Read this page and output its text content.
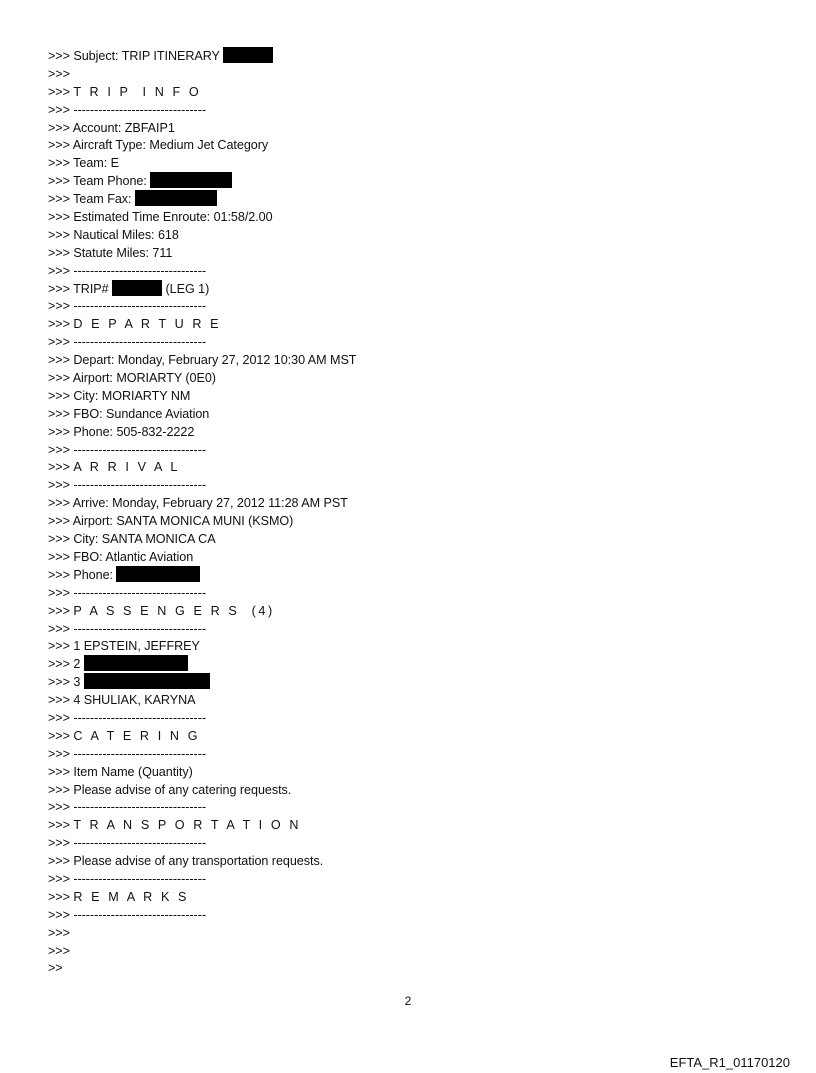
>>> Subject: TRIP ITINERARY
>>>
>>> T R I P  I N F O
>>> --------------------------------
>>> Account: ZBFAIP1
>>> Aircraft Type: Medium Jet Category
>>> Team: E
>>> Team Phone:
>>> Team Fax:
>>> Estimated Time Enroute: 01:58/2.00
>>> Nautical Miles: 618
>>> Statute Miles: 711
>>> --------------------------------
>>> TRIP#	(LEG 1)
>>> --------------------------------
>>> D E P A R T U R E
>>> --------------------------------
>>> Depart: Monday, February 27, 2012 10:30 AM MST
>>> Airport: MORIARTY (0E0)
>>> City: MORIARTY NM
>>> FBO: Sundance Aviation
>>> Phone: 505-832-2222
>>> --------------------------------
>>> A R R I V A L
>>> --------------------------------
>>> Arrive: Monday, February 27, 2012 11:28 AM PST
>>> Airport: SANTA MONICA MUNI (KSMO)
>>> City: SANTA MONICA CA
>>> FBO: Atlantic Aviation
>>> Phone:
>>> --------------------------------
>>> P A S S E N G E R S  (4)
>>> --------------------------------
>>> 1 EPSTEIN, JEFFREY
>>> 2
>>> 3
>>> 4 SHULIAK, KARYNA
>>> --------------------------------
>>> C A T E R I N G
>>> --------------------------------
>>> Item Name (Quantity)
>>> Please advise of any catering requests.
>>> --------------------------------
>>> T R A N S P O R T A T I O N
>>> --------------------------------
>>> Please advise of any transportation requests.
>>> --------------------------------
>>> R E M A R K S
>>> --------------------------------
>>>
>>>
>>
2
EFTA_R1_01170120
